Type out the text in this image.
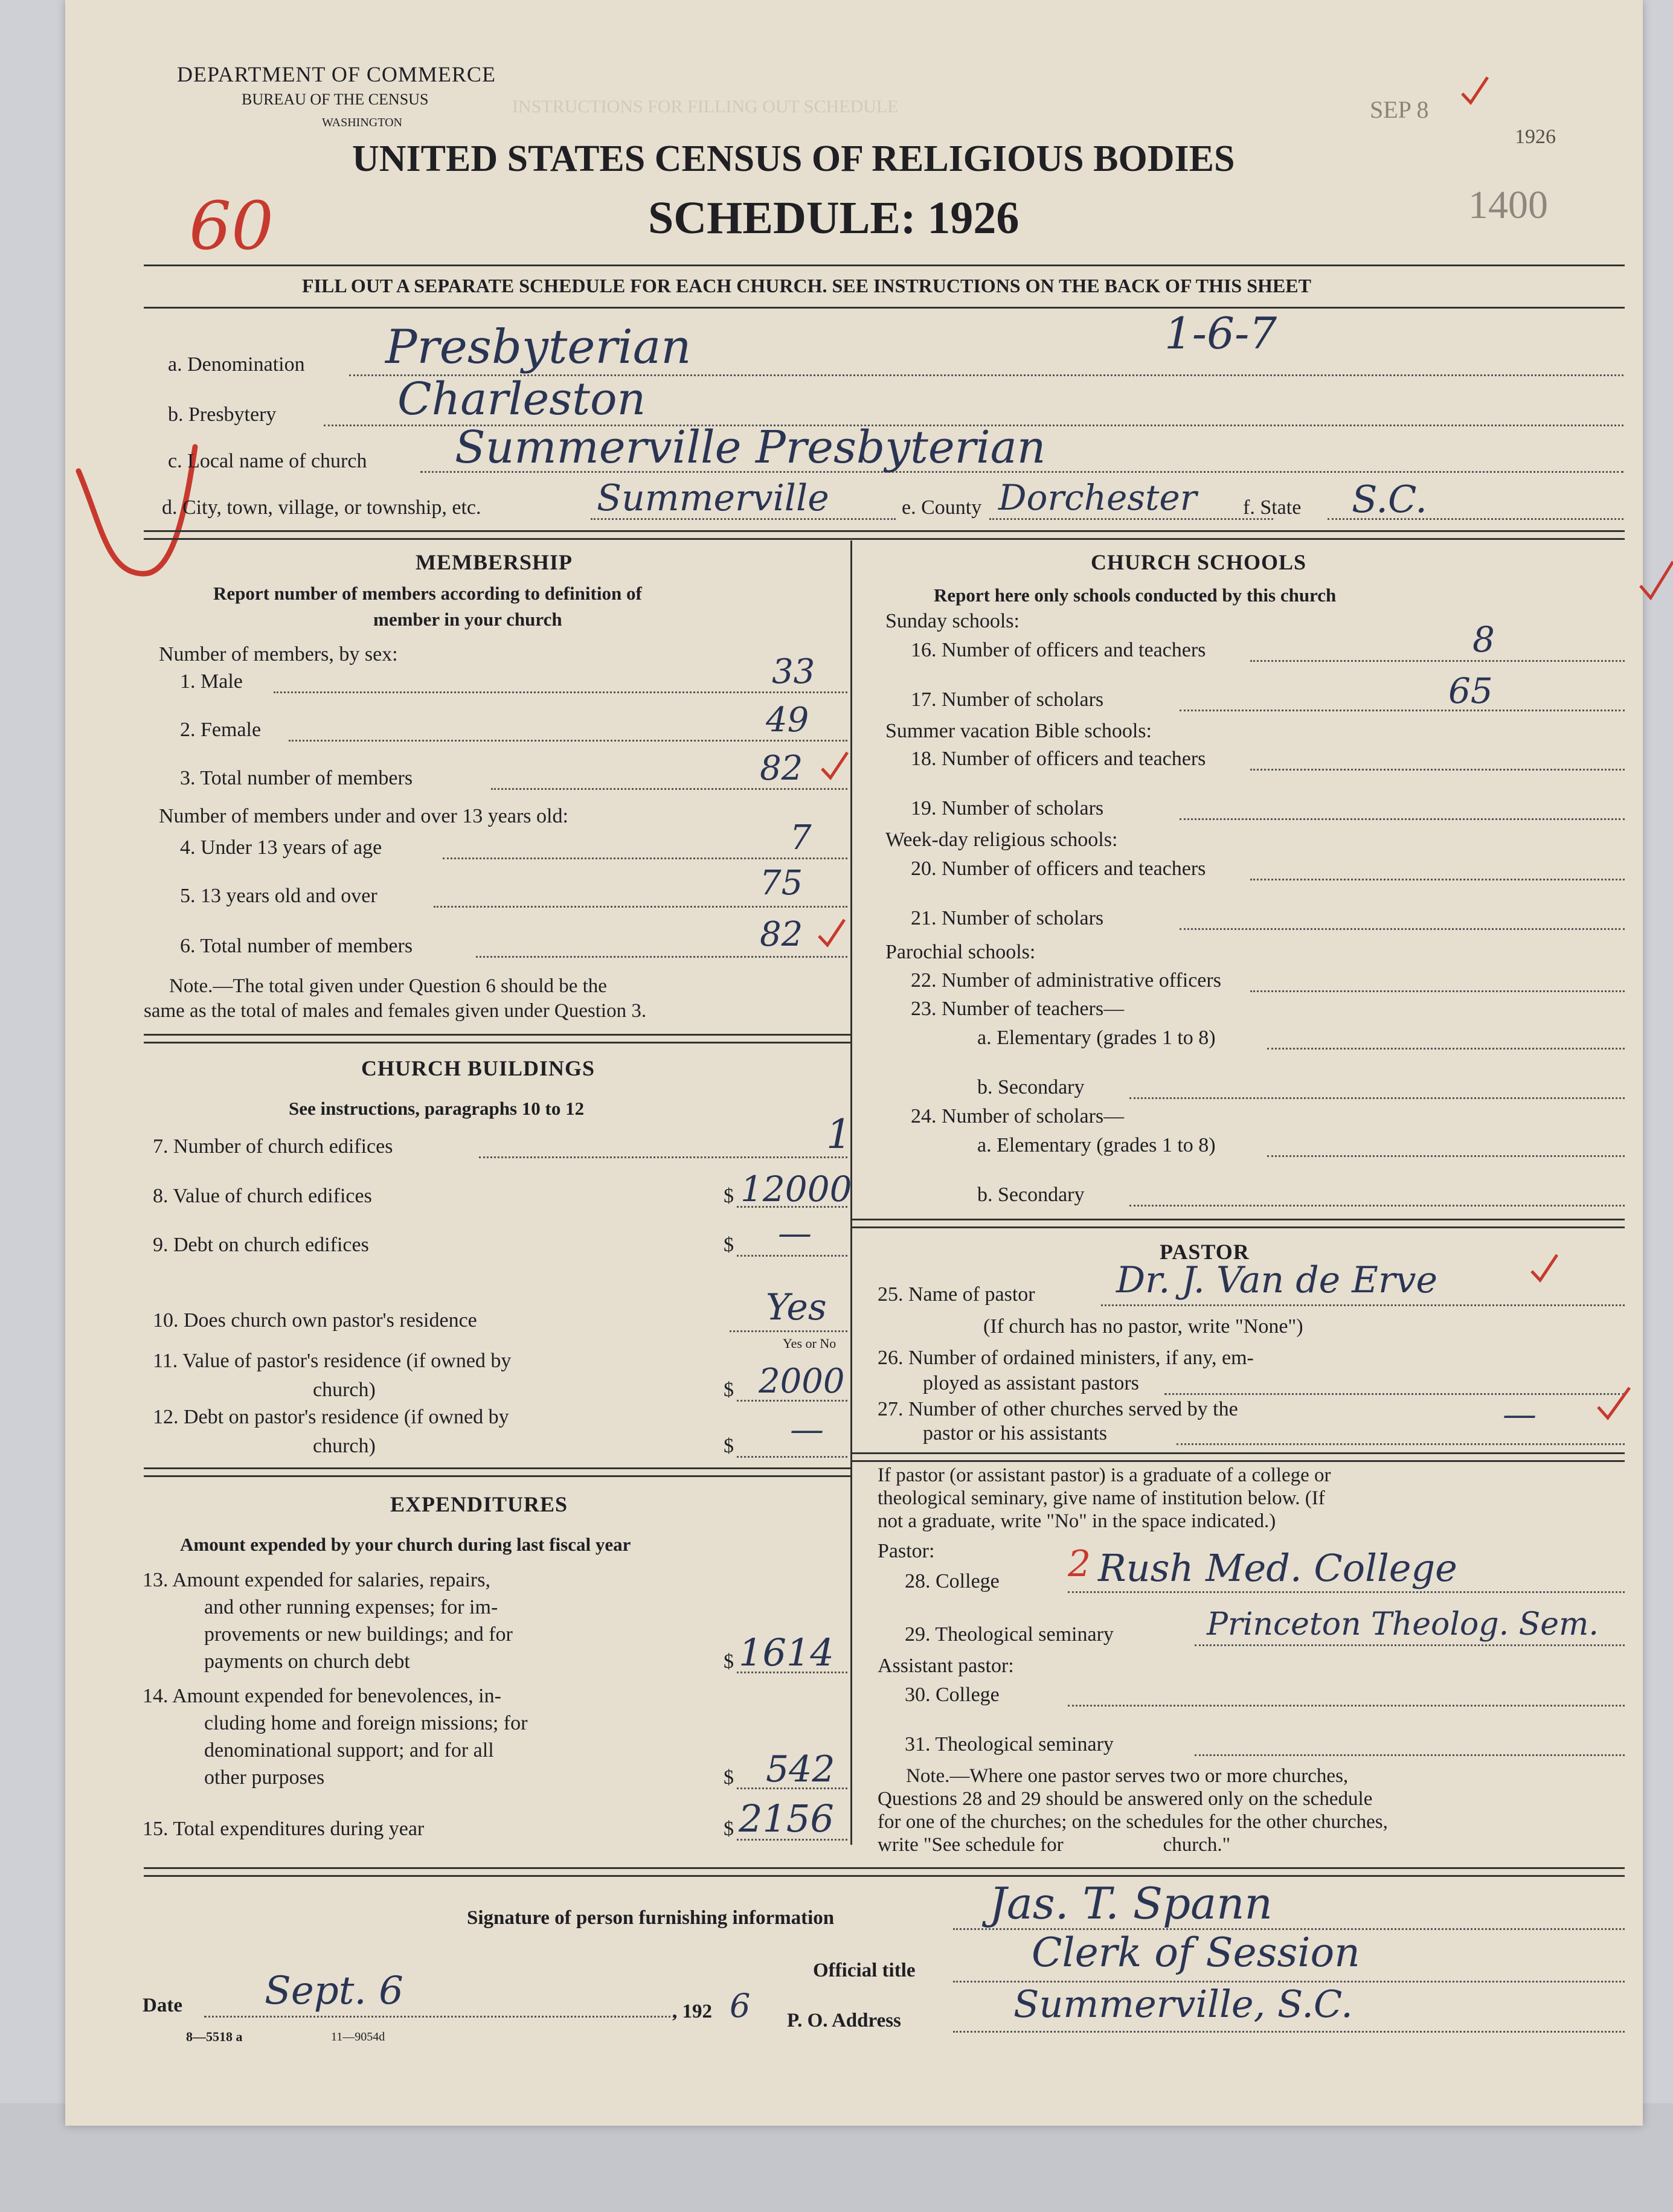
INSTRUCTIONS FOR FILLING OUT SCHEDULE
DEPARTMENT OF COMMERCE
BUREAU OF THE CENSUS
WASHINGTON
UNITED STATES CENSUS OF RELIGIOUS BODIES
SCHEDULE: 1926
SEP 8
1926
1400
60
FILL OUT A SEPARATE SCHEDULE FOR EACH CHURCH. SEE INSTRUCTIONS ON THE BACK OF THIS SHEET
1-6-7
a. Denomination Presbyterian
b. Presbytery	Charleston
c. Local name of church Summerville Presbyterian
d. City, town, village, or township, etc.	Summerville	e. County Dorchester f. State S.C.
MEMBERSHIP
Report number of members according to definition of
member in your church
Number of members, by sex:
1. Male	33
2. Female	49
3. Total number of members	82
Number of members under and over 13 years old:
4. Under 13 years of age	7
5. 13 years old and over	75
6. Total number of members	82
Note.—The total given under Question 6 should be the
same as the total of males and females given under Question 3.
CHURCH BUILDINGS
See instructions, paragraphs 10 to 12
7. Number of church edifices	1
8. Value of church edifices	$ 12000
9. Debt on church edifices	$ —
10. Does church own pastor's residence	Yes
Yes or No
11. Value of pastor's residence (if owned by
church)	$ 2000
12. Debt on pastor's residence (if owned by
church)	$ —
EXPENDITURES
Amount expended by your church during last fiscal year
13. Amount expended for salaries, repairs,
and other running expenses; for im-
provements or new buildings; and for
payments on church debt	$ 1614
14. Amount expended for benevolences, in-
cluding home and foreign missions; for
denominational support; and for all
other purposes	$ 542
15. Total expenditures during year	$ 2156
CHURCH SCHOOLS
Report here only schools conducted by this church
Sunday schools:
16. Number of officers and teachers	8
17. Number of scholars	65
Summer vacation Bible schools:
18. Number of officers and teachers
19. Number of scholars
Week-day religious schools:
20. Number of officers and teachers
21. Number of scholars
Parochial schools:
22. Number of administrative officers
23. Number of teachers—
a. Elementary (grades 1 to 8)
b. Secondary
24. Number of scholars—
a. Elementary (grades 1 to 8)
b. Secondary
PASTOR
25. Name of pastor Dr. J. Van de Erve
(If church has no pastor, write "None")
26. Number of ordained ministers, if any, em-
ployed as assistant pastors
27. Number of other churches served by the
pastor or his assistants	—
If pastor (or assistant pastor) is a graduate of a college or
theological seminary, give name of institution below. (If
not a graduate, write "No" in the space indicated.)
Pastor:
28. College 2 Rush Med. College
29. Theological seminary	Princeton Theolog. Sem.
Assistant pastor:
30. College
31. Theological seminary
Note.—Where one pastor serves two or more churches,
Questions 28 and 29 should be answered only on the schedule
for one of the churches; on the schedules for the other churches,
write "See schedule for                    church."
Signature of person furnishing information	Jas. T. Spann
Official title	Clerk of Session
Date Sept. 6	, 192 6 P. O. Address	Summerville, S.C.
8—5518 a	11—9054d
